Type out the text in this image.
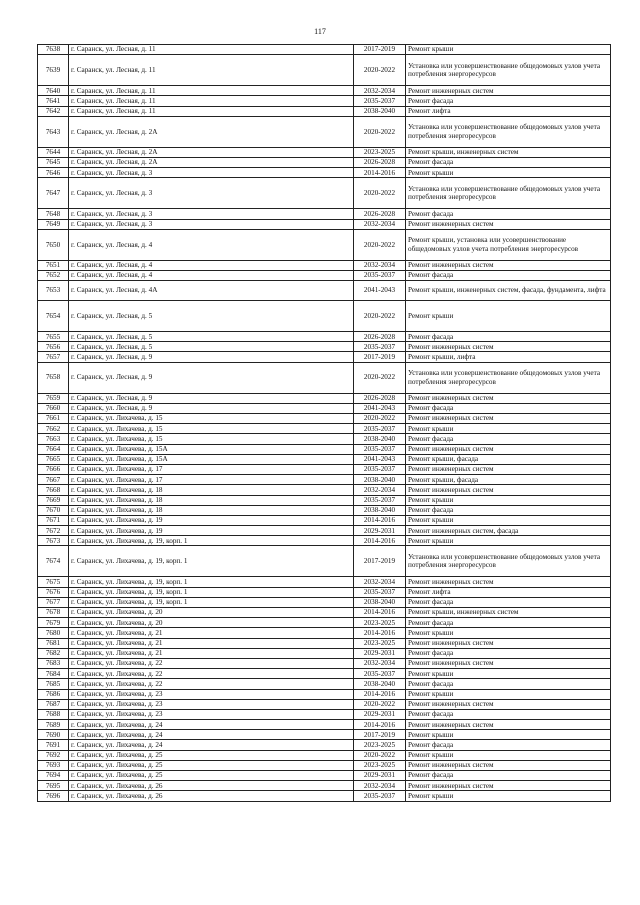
117
7638	г. Саранск, ул. Лесная, д. 11	2017-2019	Ремонт крыши
7639	г. Саранск, ул. Лесная, д. 11	2020-2022	Установка или усовершенствование общедомовых узлов учета потребления энергоресурсов
7640	г. Саранск, ул. Лесная, д. 11	2032-2034	Ремонт инженерных систем
7641	г. Саранск, ул. Лесная, д. 11	2035-2037	Ремонт фасада
7642	г. Саранск, ул. Лесная, д. 11	2038-2040	Ремонт лифта
7643	г. Саранск, ул. Лесная, д. 2А	2020-2022	Установка или усовершенствование общедомовых узлов учета потребления энергоресурсов
7644	г. Саранск, ул. Лесная, д. 2А	2023-2025	Ремонт крыши, инженерных систем
7645	г. Саранск, ул. Лесная, д. 2А	2026-2028	Ремонт фасада
7646	г. Саранск, ул. Лесная, д. 3	2014-2016	Ремонт крыши
7647	г. Саранск, ул. Лесная, д. 3	2020-2022	Установка или усовершенствование общедомовых узлов учета потребления энергоресурсов
7648	г. Саранск, ул. Лесная, д. 3	2026-2028	Ремонт фасада
7649	г. Саранск, ул. Лесная, д. 3	2032-2034	Ремонт инженерных систем
7650	г. Саранск, ул. Лесная, д. 4	2020-2022	Ремонт крыши, установка или усовершенствование общедомовых узлов учета потребления энергоресурсов
7651	г. Саранск, ул. Лесная, д. 4	2032-2034	Ремонт инженерных систем
7652	г. Саранск, ул. Лесная, д. 4	2035-2037	Ремонт фасада
7653	г. Саранск, ул. Лесная, д. 4А	2041-2043	Ремонт крыши, инженерных систем, фасада, фундамента, лифта
7654	г. Саранск, ул. Лесная, д. 5	2020-2022	Ремонт крыши
7655	г. Саранск, ул. Лесная, д. 5	2026-2028	Ремонт фасада
7656	г. Саранск, ул. Лесная, д. 5	2035-2037	Ремонт инженерных систем
7657	г. Саранск, ул. Лесная, д. 9	2017-2019	Ремонт крыши, лифта
7658	г. Саранск, ул. Лесная, д. 9	2020-2022	Установка или усовершенствование общедомовых узлов учета потребления энергоресурсов
7659	г. Саранск, ул. Лесная, д. 9	2026-2028	Ремонт инженерных систем
7660	г. Саранск, ул. Лесная, д. 9	2041-2043	Ремонт фасада
7661	г. Саранск, ул. Лихачева, д. 15	2020-2022	Ремонт инженерных систем
7662	г. Саранск, ул. Лихачева, д. 15	2035-2037	Ремонт крыши
7663	г. Саранск, ул. Лихачева, д. 15	2038-2040	Ремонт фасада
7664	г. Саранск, ул. Лихачева, д. 15А	2035-2037	Ремонт инженерных систем
7665	г. Саранск, ул. Лихачева, д. 15А	2041-2043	Ремонт крыши, фасада
7666	г. Саранск, ул. Лихачева, д. 17	2035-2037	Ремонт инженерных систем
7667	г. Саранск, ул. Лихачева, д. 17	2038-2040	Ремонт крыши, фасада
7668	г. Саранск, ул. Лихачева, д. 18	2032-2034	Ремонт инженерных систем
7669	г. Саранск, ул. Лихачева, д. 18	2035-2037	Ремонт крыши
7670	г. Саранск, ул. Лихачева, д. 18	2038-2040	Ремонт фасада
7671	г. Саранск, ул. Лихачева, д. 19	2014-2016	Ремонт крыши
7672	г. Саранск, ул. Лихачева, д. 19	2029-2031	Ремонт инженерных систем, фасада
7673	г. Саранск, ул. Лихачева, д. 19, корп. 1	2014-2016	Ремонт крыши
7674	г. Саранск, ул. Лихачева, д. 19, корп. 1	2017-2019	Установка или усовершенствование общедомовых узлов учета потребления энергоресурсов
7675	г. Саранск, ул. Лихачева, д. 19, корп. 1	2032-2034	Ремонт инженерных систем
7676	г. Саранск, ул. Лихачева, д. 19, корп. 1	2035-2037	Ремонт лифта
7677	г. Саранск, ул. Лихачева, д. 19, корп. 1	2038-2040	Ремонт фасада
7678	г. Саранск, ул. Лихачева, д. 20	2014-2016	Ремонт крыши, инженерных систем
7679	г. Саранск, ул. Лихачева, д. 20	2023-2025	Ремонт фасада
7680	г. Саранск, ул. Лихачева, д. 21	2014-2016	Ремонт крыши
7681	г. Саранск, ул. Лихачева, д. 21	2023-2025	Ремонт инженерных систем
7682	г. Саранск, ул. Лихачева, д. 21	2029-2031	Ремонт фасада
7683	г. Саранск, ул. Лихачева, д. 22	2032-2034	Ремонт инженерных систем
7684	г. Саранск, ул. Лихачева, д. 22	2035-2037	Ремонт крыши
7685	г. Саранск, ул. Лихачева, д. 22	2038-2040	Ремонт фасада
7686	г. Саранск, ул. Лихачева, д. 23	2014-2016	Ремонт крыши
7687	г. Саранск, ул. Лихачева, д. 23	2020-2022	Ремонт инженерных систем
7688	г. Саранск, ул. Лихачева, д. 23	2029-2031	Ремонт фасада
7689	г. Саранск, ул. Лихачева, д. 24	2014-2016	Ремонт инженерных систем
7690	г. Саранск, ул. Лихачева, д. 24	2017-2019	Ремонт крыши
7691	г. Саранск, ул. Лихачева, д. 24	2023-2025	Ремонт фасада
7692	г. Саранск, ул. Лихачева, д. 25	2020-2022	Ремонт крыши
7693	г. Саранск, ул. Лихачева, д. 25	2023-2025	Ремонт инженерных систем
7694	г. Саранск, ул. Лихачева, д. 25	2029-2031	Ремонт фасада
7695	г. Саранск, ул. Лихачева, д. 26	2032-2034	Ремонт инженерных систем
7696	г. Саранск, ул. Лихачева, д. 26	2035-2037	Ремонт крыши
